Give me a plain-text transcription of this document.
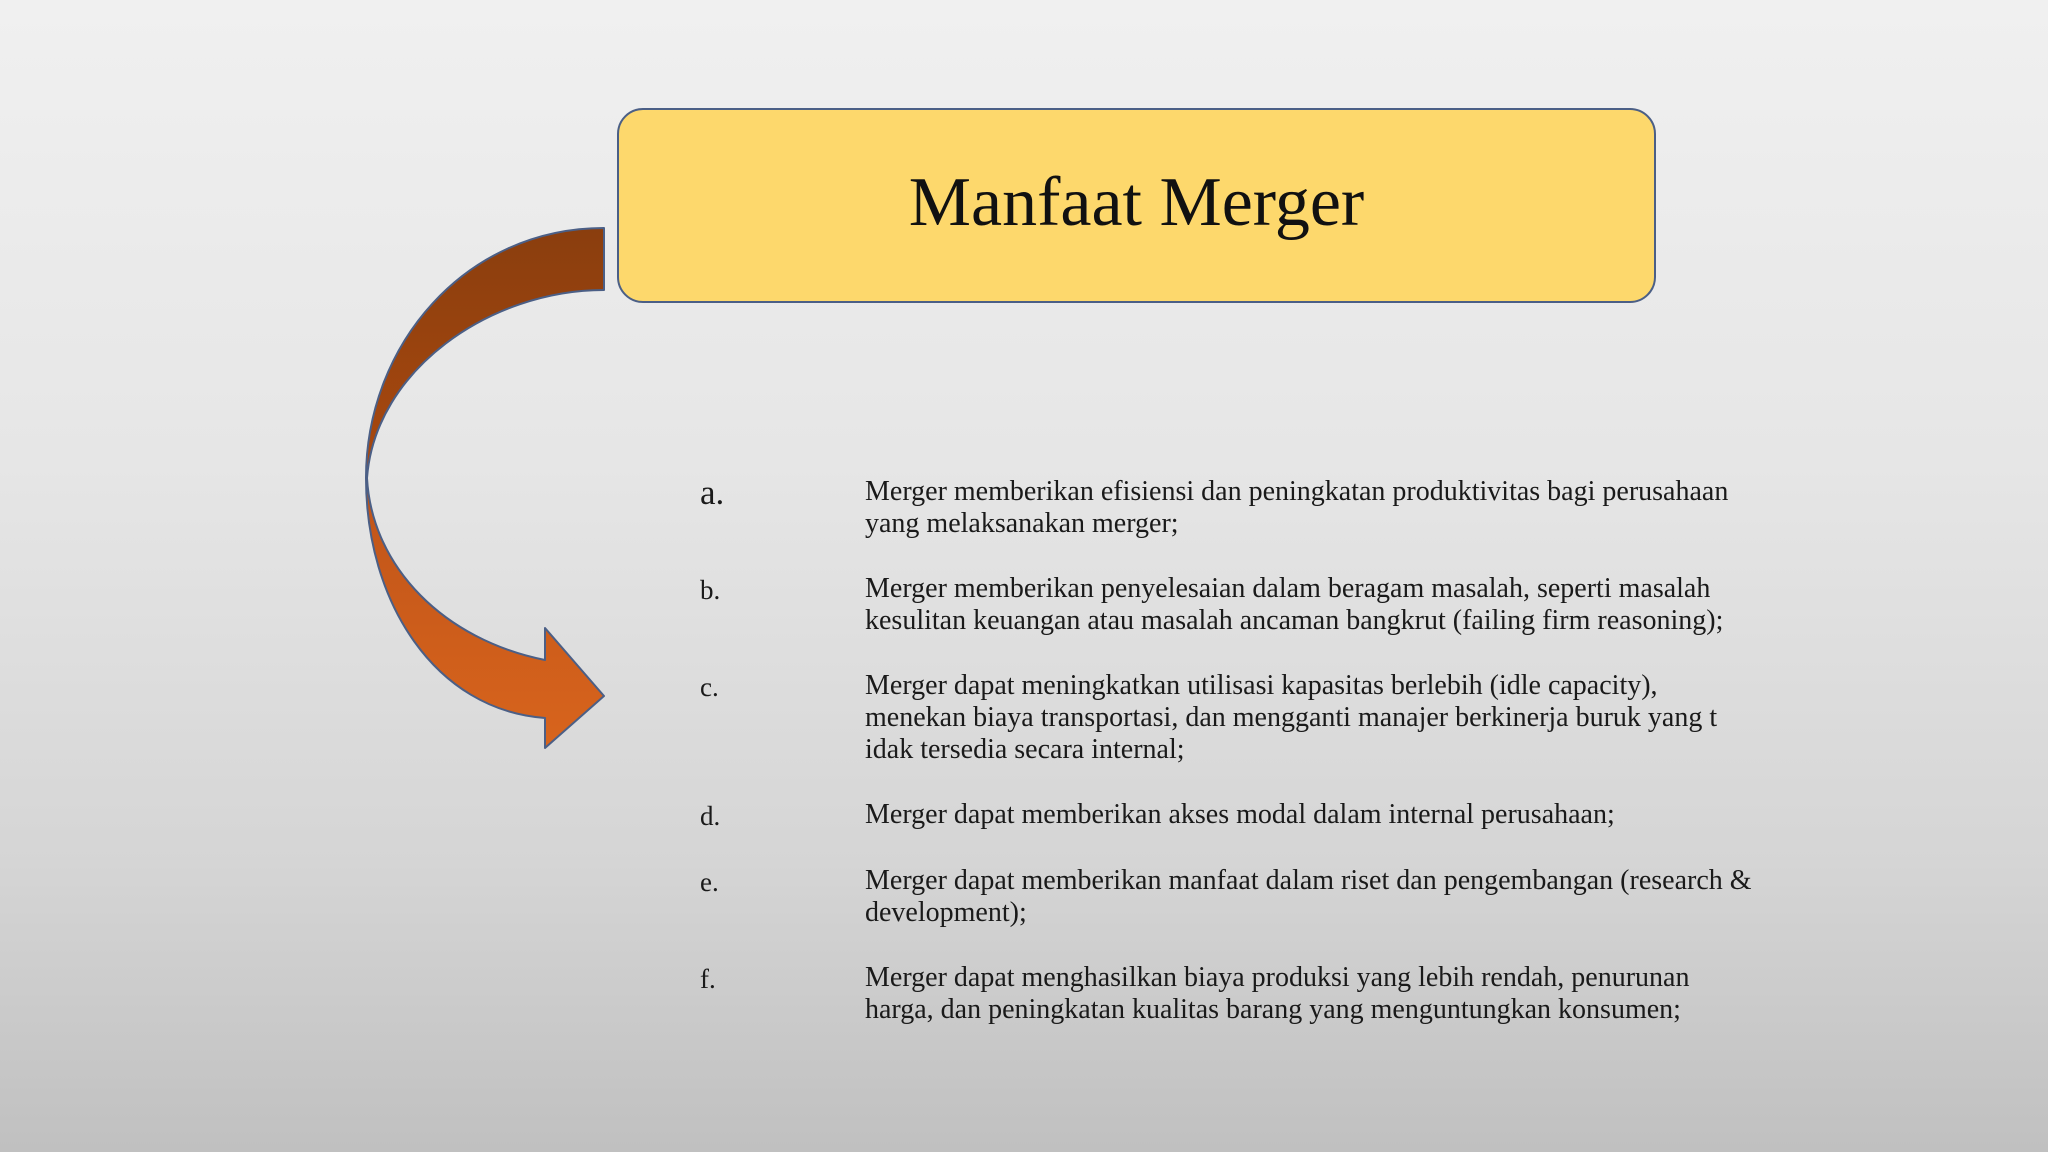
Manfaat Merger
a.	Merger memberikan efisiensi dan peningkatan produktivitas bagi perusahaan
yang melaksanakan merger;
b.	Merger memberikan penyelesaian dalam beragam masalah, seperti masalah
kesulitan keuangan atau masalah ancaman bangkrut (failing firm reasoning);
c.	Merger dapat meningkatkan utilisasi kapasitas berlebih (idle capacity),
menekan biaya transportasi, dan mengganti manajer berkinerja buruk yang t
idak tersedia secara internal;
d.	Merger dapat memberikan akses modal dalam internal perusahaan;
e.	Merger dapat memberikan manfaat dalam riset dan pengembangan (research &
development);
f.	Merger dapat menghasilkan biaya produksi yang lebih rendah, penurunan
harga, dan peningkatan kualitas barang yang menguntungkan konsumen;
